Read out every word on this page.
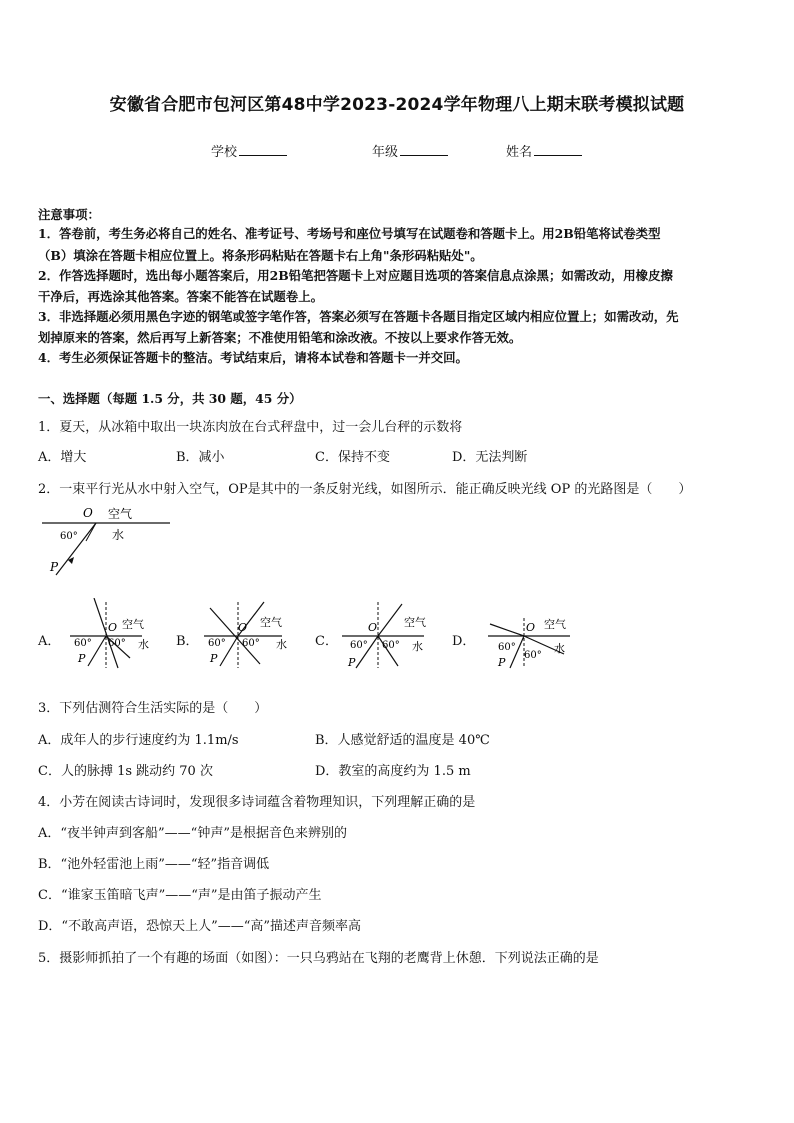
安徽省合肥市包河区第48中学2023-2024学年物理八上期末联考模拟试题
学校	年级	姓名
注意事项：
1．答卷前，考生务必将自己的姓名、准考证号、考场号和座位号填写在试题卷和答题卡上。用2B铅笔将试卷类型
（B）填涂在答题卡相应位置上。将条形码粘贴在答题卡右上角"条形码粘贴处"。
2．作答选择题时，选出每小题答案后，用2B铅笔把答题卡上对应题目选项的答案信息点涂黑；如需改动，用橡皮擦
干净后，再选涂其他答案。答案不能答在试题卷上。
3．非选择题必须用黑色字迹的钢笔或签字笔作答，答案必须写在答题卡各题目指定区域内相应位置上；如需改动，先
划掉原来的答案，然后再写上新答案；不准使用铅笔和涂改液。不按以上要求作答无效。
4．考生必须保证答题卡的整洁。考试结束后，请将本试卷和答题卡一并交回。
一、选择题（每题 1.5 分，共 30 题，45 分）
1．夏天，从冰箱中取出一块冻肉放在台式秤盘中，过一会儿台秤的示数将
A．增大	B．减小	C．保持不变	D．无法判断
2．一束平行光从水中射入空气，OP是其中的一条反射光线，如图所示．能正确反映光线 OP 的光路图是（　　）
O 空气
水
60°
P
A．
O 空气
水
60° 60°
P
B．
O 空气
水
60° 60°
P
C．
O 空气
水
60° 60°
P
D．
O 空气
水
60°
60°
P
3．下列估测符合生活实际的是（　　）
A．成年人的步行速度约为 1.1m/s	B．人感觉舒适的温度是 40℃
C．人的脉搏 1s 跳动约 70 次	D．教室的高度约为 1.5 m
4．小芳在阅读古诗词时，发现很多诗词蕴含着物理知识，下列理解正确的是
A．“夜半钟声到客船”——“钟声”是根据音色来辨别的
B．“池外轻雷池上雨”——“轻”指音调低
C．“谁家玉笛暗飞声”——“声”是由笛子振动产生
D．“不敢高声语，恐惊天上人”——“高”描述声音频率高
5．摄影师抓拍了一个有趣的场面（如图）：一只乌鸦站在飞翔的老鹰背上休憩．下列说法正确的是
